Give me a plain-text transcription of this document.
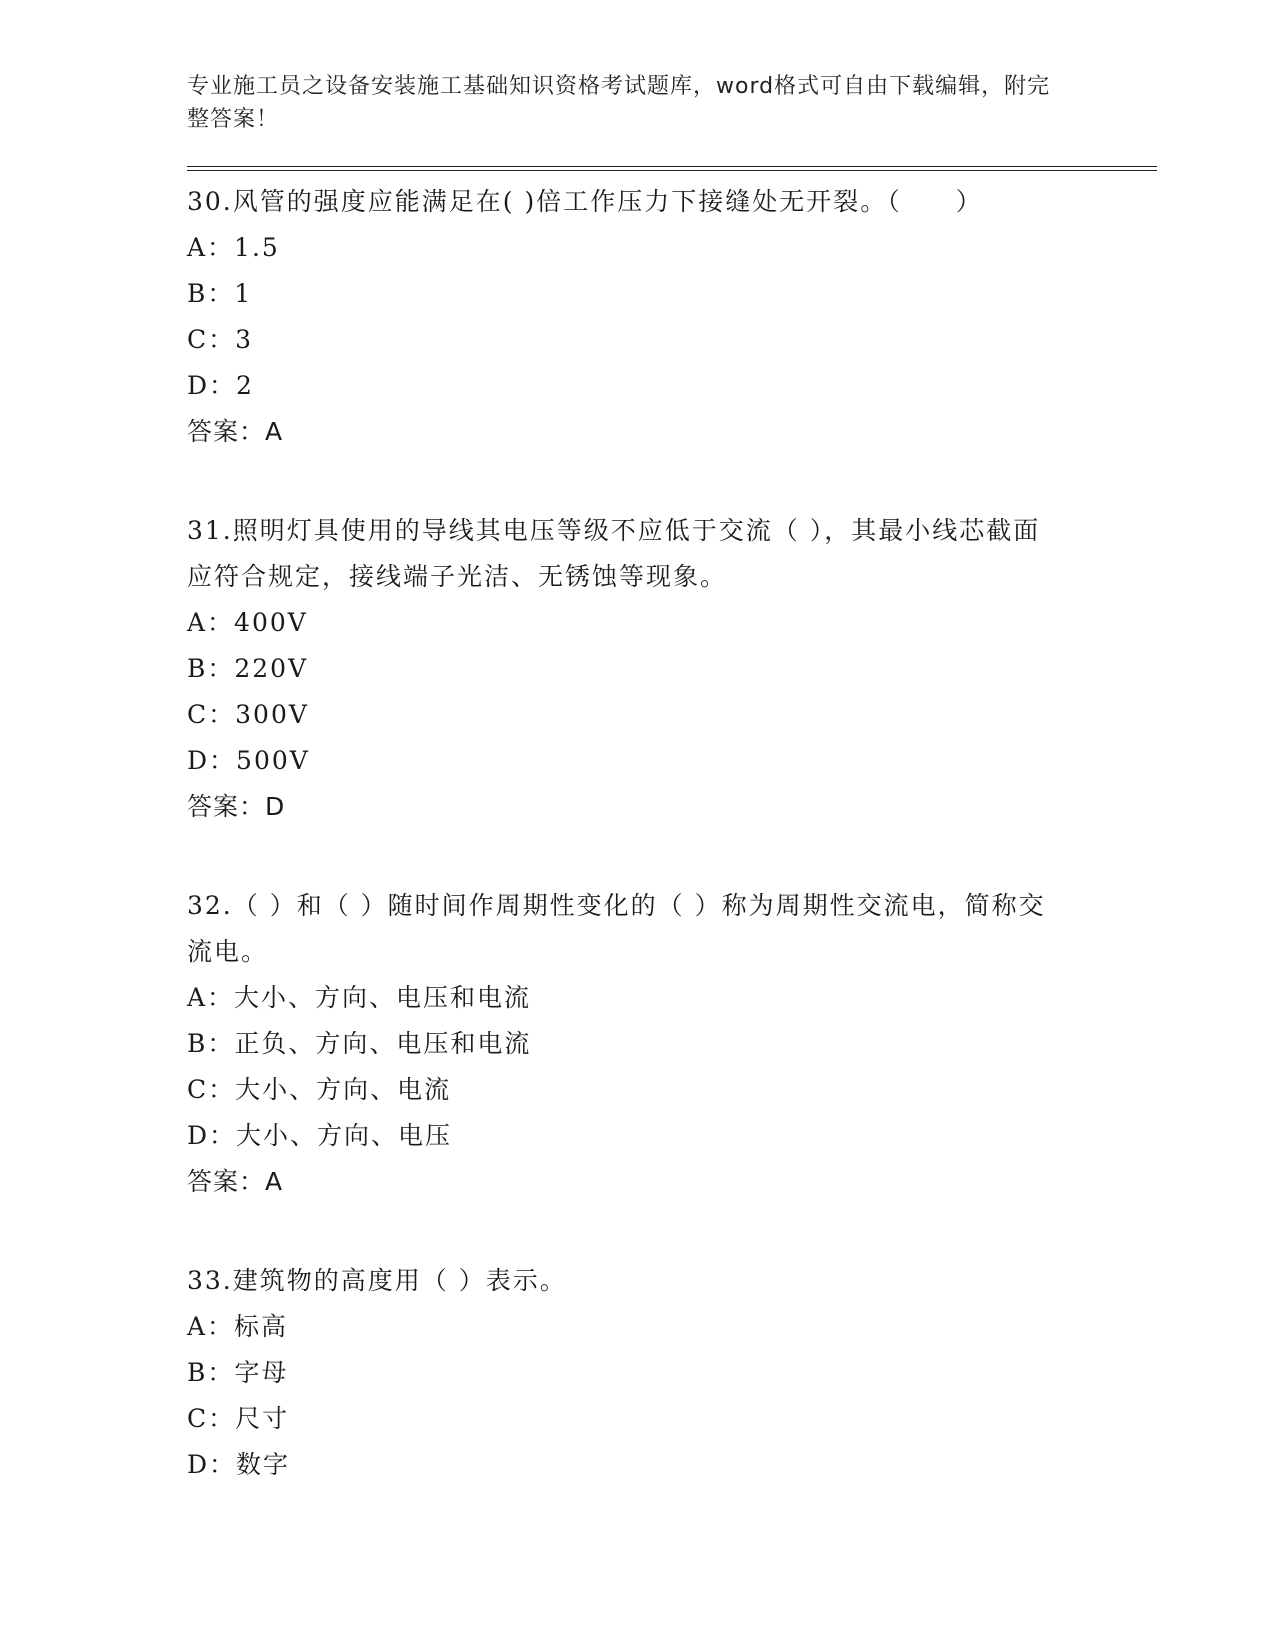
专业施工员之设备安装施工基础知识资格考试题库，word格式可自由下载编辑，附完整答案！

30.风管的强度应能满足在( )倍工作压力下接缝处无开裂。（　　）

A：1.5

B：1

C：3

D：2

答案：A

31.照明灯具使用的导线其电压等级不应低于交流（ ），其最小线芯截面应符合规定，接线端子光洁、无锈蚀等现象。

A：400V

B：220V

C：300V

D：500V

答案：D

32.（ ）和（ ）随时间作周期性变化的（ ）称为周期性交流电，简称交流电。

A：大小、方向、电压和电流

B：正负、方向、电压和电流

C：大小、方向、电流

D：大小、方向、电压

答案：A

33.建筑物的高度用（ ）表示。

A：标高

B：字母

C：尺寸

D：数字
